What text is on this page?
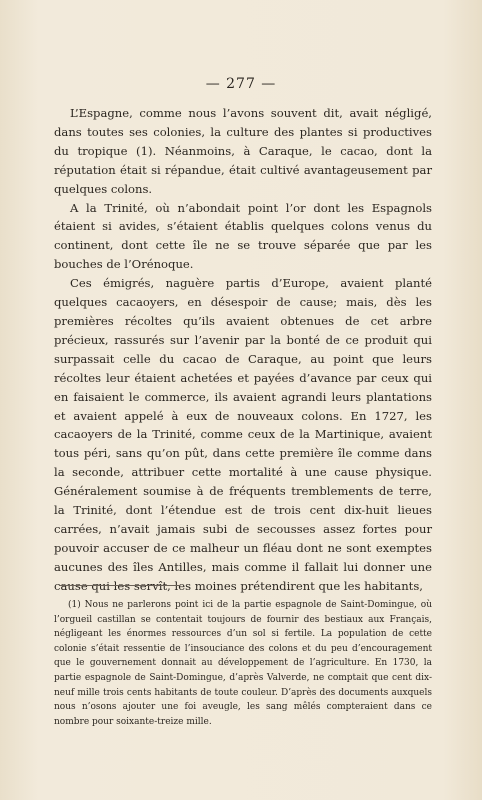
— 277 —

L’Espagne, comme nous l’avons souvent dit, avait négligé, dans toutes ses colonies, la culture des plantes si productives du tropique (1). Néanmoins, à Caraque, le cacao, dont la réputation était si répandue, était cultivé avantageusement par quelques colons.

A la Trinité, où n’abondait point l’or dont les Espagnols étaient si avides, s’étaient établis quelques colons venus du continent, dont cette île ne se trouve séparée que par les bouches de l’Orénoque.

Ces émigrés, naguère partis d’Europe, avaient planté quelques cacaoyers, en désespoir de cause; mais, dès les premières récoltes qu’ils avaient obtenues de cet arbre précieux, rassurés sur l’avenir par la bonté de ce produit qui surpassait celle du cacao de Caraque, au point que leurs récoltes leur étaient achetées et payées d’avance par ceux qui en faisaient le commerce, ils avaient agrandi leurs plantations et avaient appelé à eux de nouveaux colons. En 1727, les cacaoyers de la Trinité, comme ceux de la Martinique, avaient tous péri, sans qu’on pût, dans cette première île comme dans la seconde, attribuer cette mortalité à une cause physique. Généralement soumise à de fréquents tremblements de terre, la Trinité, dont l’étendue est de trois cent dix-huit lieues carrées, n’avait jamais subi de secousses assez fortes pour pouvoir accuser de ce malheur un fléau dont ne sont exemptes aucunes des îles Antilles, mais comme il fallait lui donner une cause qui les servît, les moines prétendirent que les habitants,

(1) Nous ne parlerons point ici de la partie espagnole de Saint-Domingue, où l’orgueil castillan se contentait toujours de fournir des bestiaux aux Français, négligeant les énormes ressources d’un sol si fertile. La population de cette colonie s’était ressentie de l’insouciance des colons et du peu d’encouragement que le gouvernement donnait au développement de l’agriculture. En 1730, la partie espagnole de Saint-Domingue, d’après Valverde, ne comptait que cent dix-neuf mille trois cents habitants de toute couleur. D’après des documents auxquels nous n’osons ajouter une foi aveugle, les sang mêlés compteraient dans ce nombre pour soixante-treize mille.
